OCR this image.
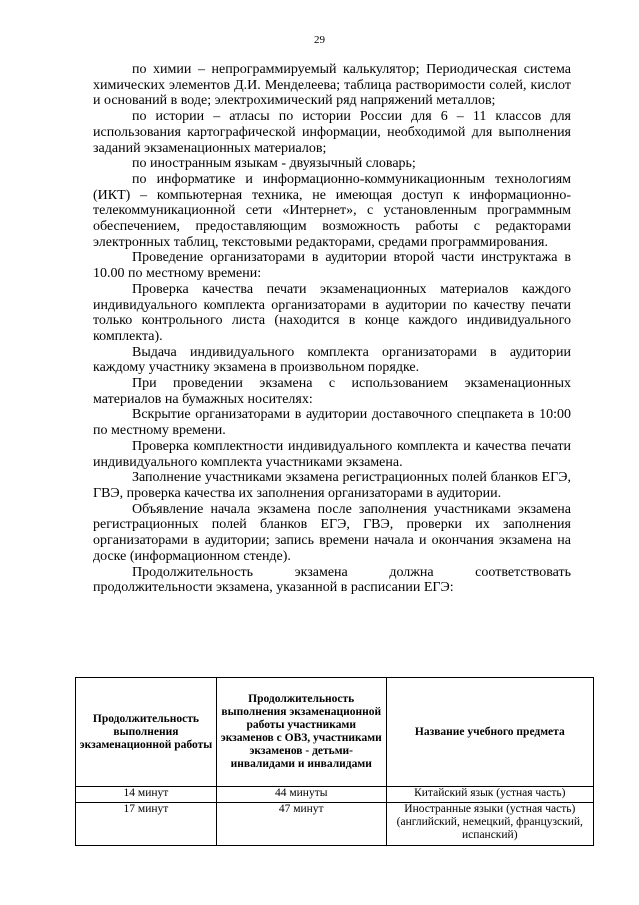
29

по химии – непрограммируемый калькулятор; Периодическая система химических элементов Д.И. Менделеева; таблица растворимости солей, кислот и оснований в воде; электрохимический ряд напряжений металлов;

по истории – атласы по истории России для 6 – 11 классов для использования картографической информации, необходимой для выполнения заданий экзаменационных материалов;

по иностранным языкам - двуязычный словарь;

по информатике и информационно-коммуникационным технологиям (ИКТ) – компьютерная техника, не имеющая доступ к информационно-телекоммуникационной сети «Интернет», с установленным программным обеспечением, предоставляющим возможность работы с редакторами электронных таблиц, текстовыми редакторами, средами программирования.

Проведение организаторами в аудитории второй части инструктажа в 10.00 по местному времени:

Проверка качества печати экзаменационных материалов каждого индивидуального комплекта организаторами в аудитории по качеству печати только контрольного листа (находится в конце каждого индивидуального комплекта).

Выдача индивидуального комплекта организаторами в аудитории каждому участнику экзамена в произвольном порядке.

При проведении экзамена с использованием экзаменационных материалов на бумажных носителях:

Вскрытие организаторами в аудитории доставочного спецпакета в 10:00 по местному времени.

Проверка комплектности индивидуального комплекта и качества печати индивидуального комплекта участниками экзамена.

Заполнение участниками экзамена регистрационных полей бланков ЕГЭ, ГВЭ, проверка качества их заполнения организаторами в аудитории.

Объявление начала экзамена после заполнения участниками экзамена регистрационных полей бланков ЕГЭ, ГВЭ, проверки их заполнения организаторами в аудитории; запись времени начала и окончания экзамена на доске (информационном стенде).

Продолжительность экзамена должна соответствовать продолжительности экзамена, указанной в расписании ЕГЭ:

Продолжительность выполнения экзаменационной работы	Продолжительность выполнения экзаменационной работы участниками экзаменов с ОВЗ, участниками экзаменов - детьми-инвалидами и инвалидами	Название учебного предмета
14 минут	44 минуты	Китайский язык (устная часть)
17 минут	47 минут	Иностранные языки (устная часть) (английский, немецкий, французский, испанский)
